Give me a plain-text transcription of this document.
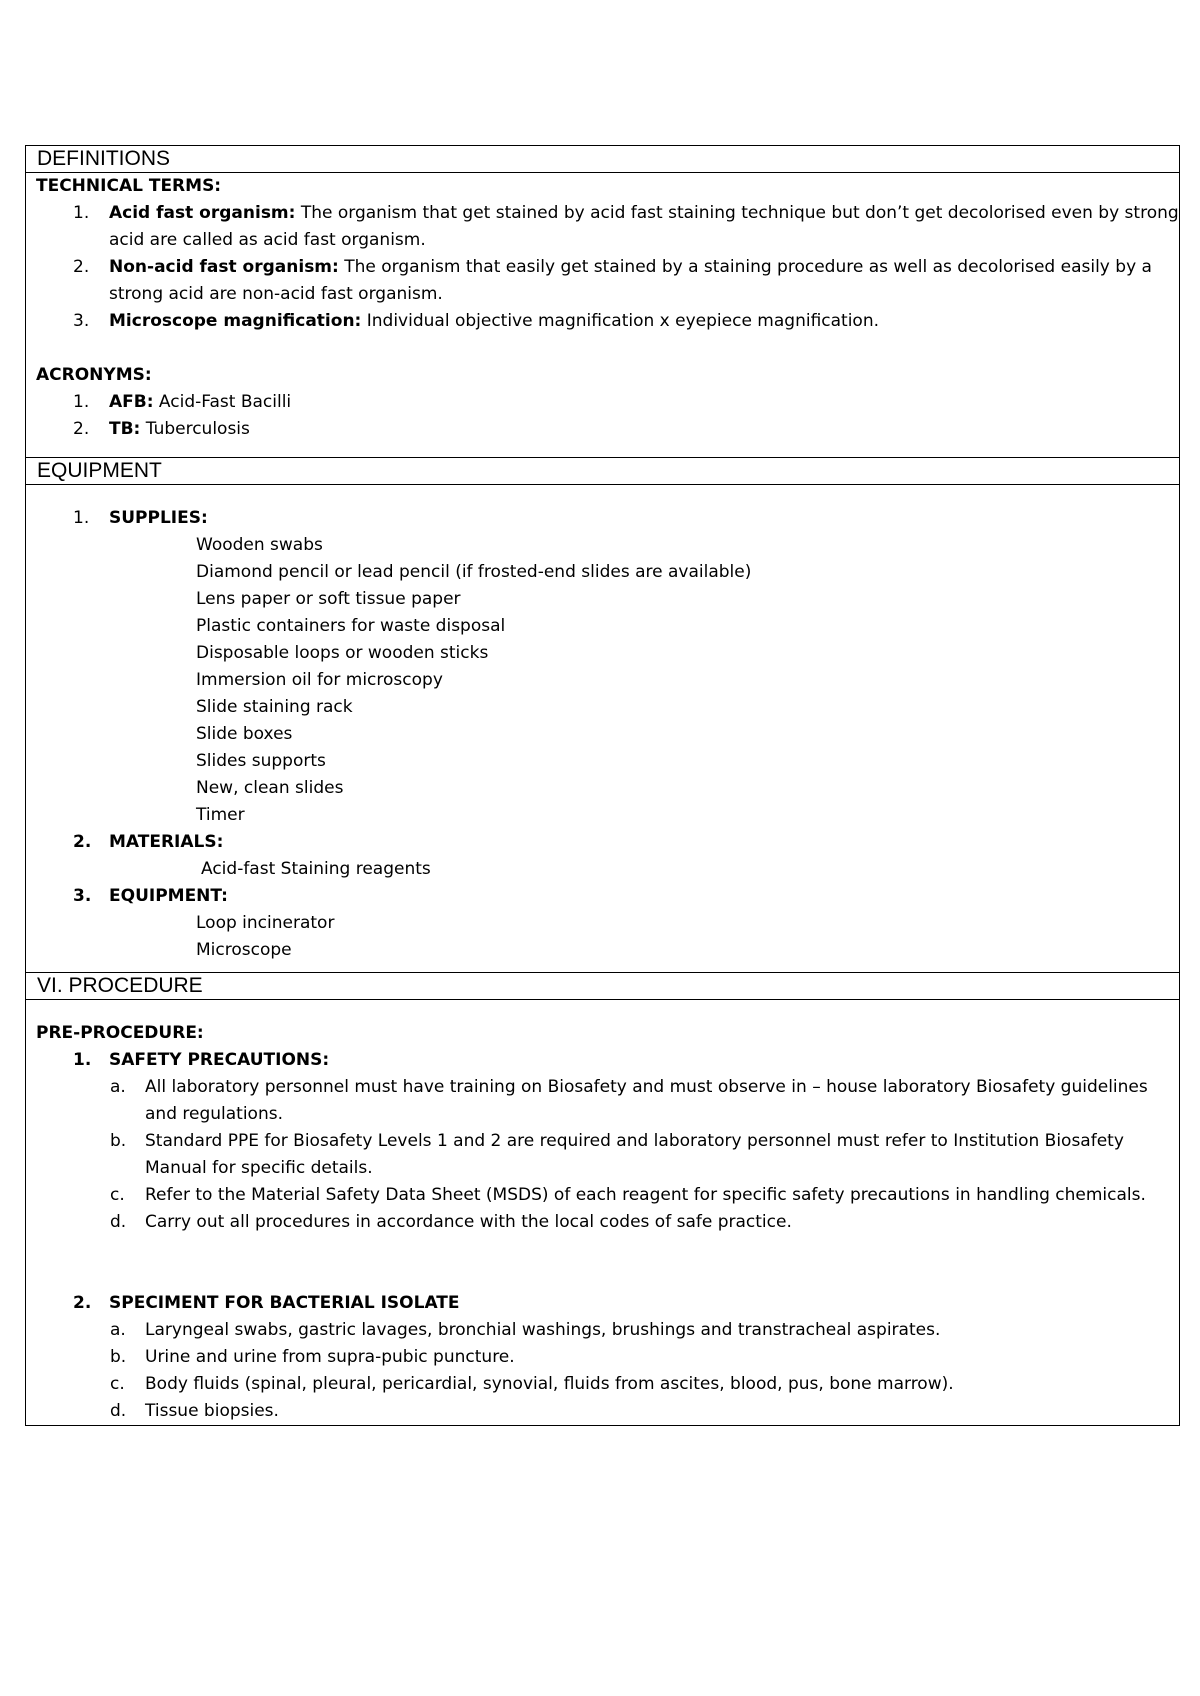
DEFINITIONS

TECHNICAL TERMS:
1. Acid fast organism: The organism that get stained by acid fast staining technique but don’t get decolorised even by strong acid are called as acid fast organism.
2. Non-acid fast organism: The organism that easily get stained by a staining procedure as well as decolorised easily by a strong acid are non-acid fast organism.
3. Microscope magnification: Individual objective magnification x eyepiece magnification.
ACRONYMS:
1. AFB: Acid-Fast Bacilli
2. TB: Tuberculosis

EQUIPMENT

1. SUPPLIES:
Wooden swabs
Diamond pencil or lead pencil (if frosted-end slides are available)
Lens paper or soft tissue paper
Plastic containers for waste disposal
Disposable loops or wooden sticks
Immersion oil for microscopy
Slide staining rack
Slide boxes
Slides supports
New, clean slides
Timer
2. MATERIALS:
Acid-fast Staining reagents
3. EQUIPMENT:
Loop incinerator
Microscope

VI. PROCEDURE

PRE-PROCEDURE:
1. SAFETY PRECAUTIONS:
a. All laboratory personnel must have training on Biosafety and must observe in – house laboratory Biosafety guidelines and regulations.
b. Standard PPE for Biosafety Levels 1 and 2 are required and laboratory personnel must refer to Institution Biosafety Manual for specific details.
c. Refer to the Material Safety Data Sheet (MSDS) of each reagent for specific safety precautions in handling chemicals.
d. Carry out all procedures in accordance with the local codes of safe practice.
2. SPECIMENT FOR BACTERIAL ISOLATE
a. Laryngeal swabs, gastric lavages, bronchial washings, brushings and transtracheal aspirates.
b. Urine and urine from supra-pubic puncture.
c. Body fluids (spinal, pleural, pericardial, synovial, fluids from ascites, blood, pus, bone marrow).
d. Tissue biopsies.
